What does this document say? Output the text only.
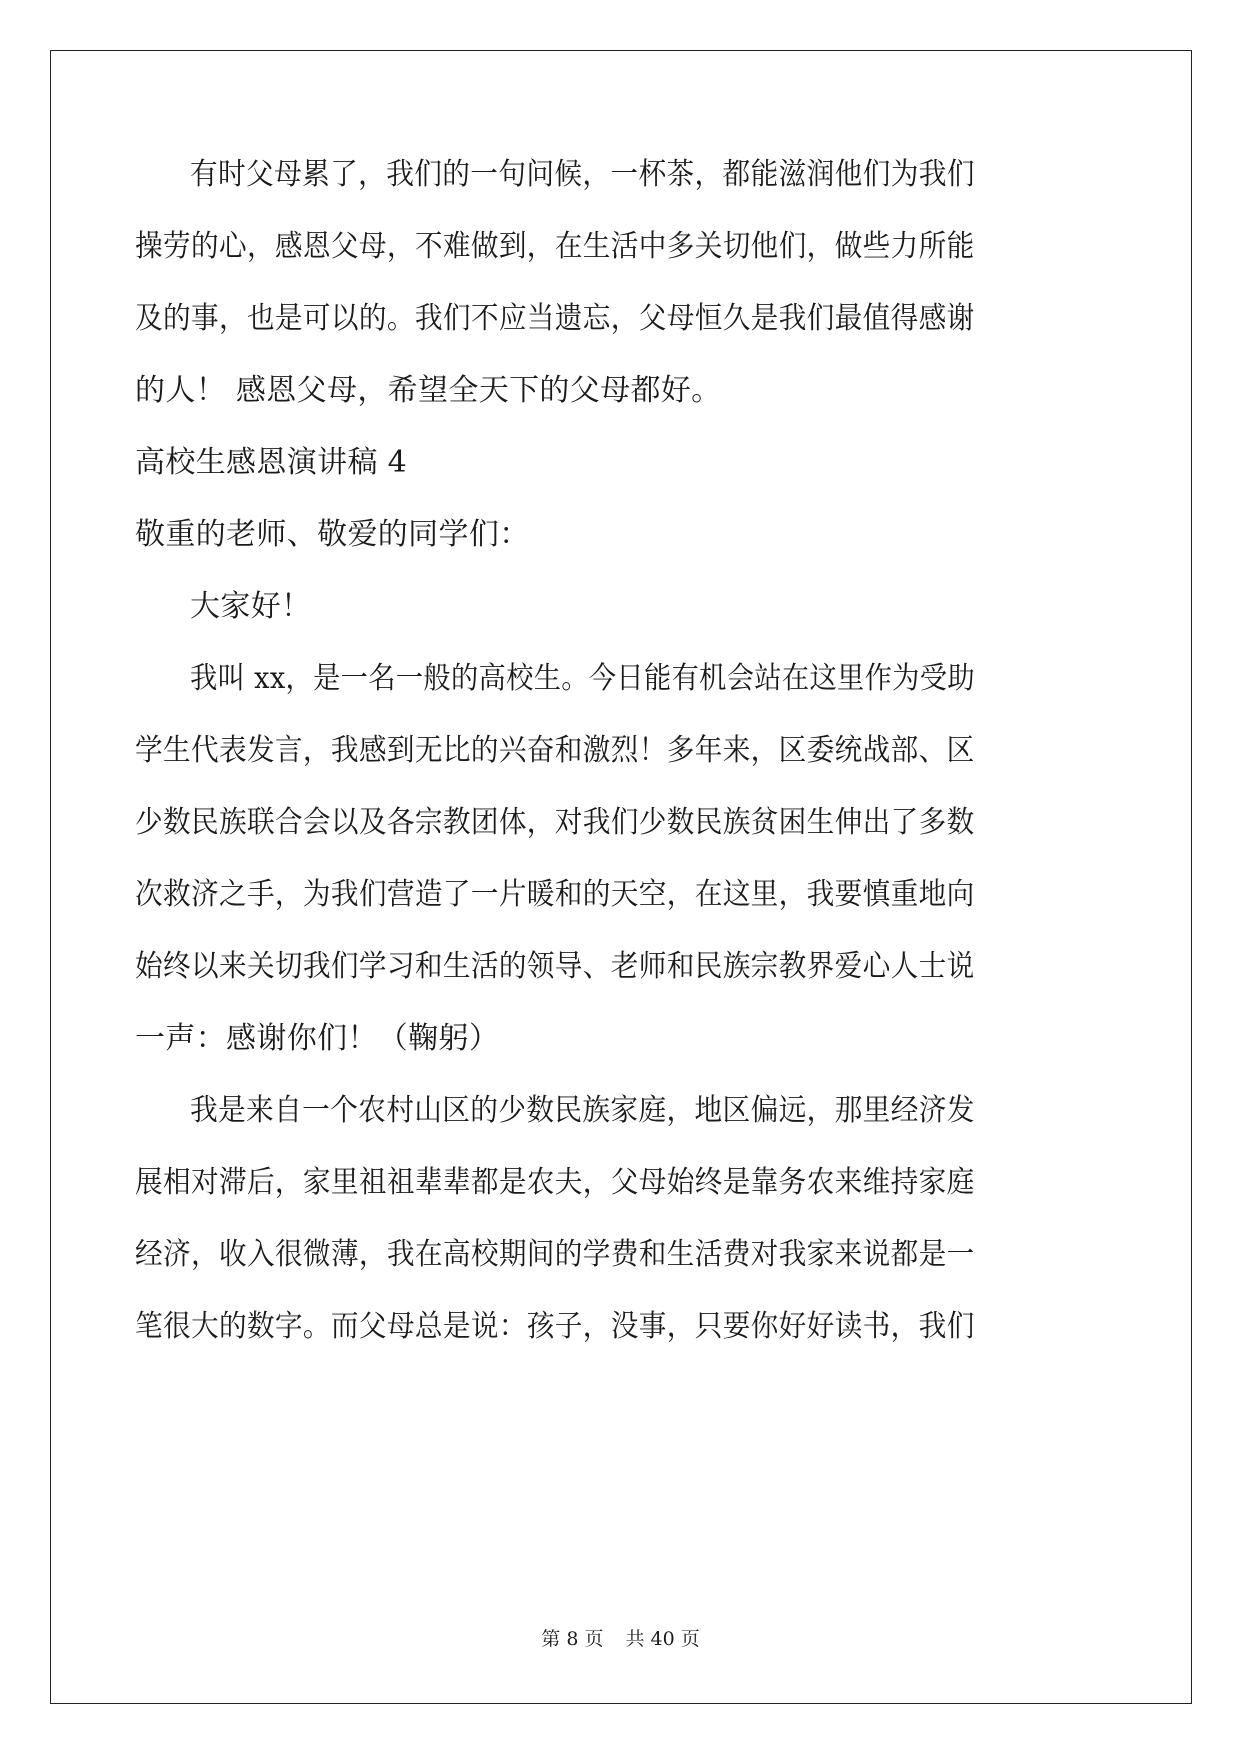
有时父母累了，我们的一句问候，一杯茶，都能滋润他们为我们
操劳的心，感恩父母，不难做到，在生活中多关切他们，做些力所能
及的事，也是可以的。我们不应当遗忘，父母恒久是我们最值得感谢
的人！ 感恩父母，希望全天下的父母都好。
高校生感恩演讲稿 4
敬重的老师、敬爱的同学们：
大家好！
我叫 xx，是一名一般的高校生。今日能有机会站在这里作为受助
学生代表发言，我感到无比的兴奋和激烈！多年来，区委统战部、区
少数民族联合会以及各宗教团体，对我们少数民族贫困生伸出了多数
次救济之手，为我们营造了一片暖和的天空，在这里，我要慎重地向
始终以来关切我们学习和生活的领导、老师和民族宗教界爱心人士说
一声：感谢你们！（鞠躬）
我是来自一个农村山区的少数民族家庭，地区偏远，那里经济发
展相对滞后，家里祖祖辈辈都是农夫，父母始终是靠务农来维持家庭
经济，收入很微薄，我在高校期间的学费和生活费对我家来说都是一
笔很大的数字。而父母总是说：孩子，没事，只要你好好读书，我们
第 8 页 共 40 页
